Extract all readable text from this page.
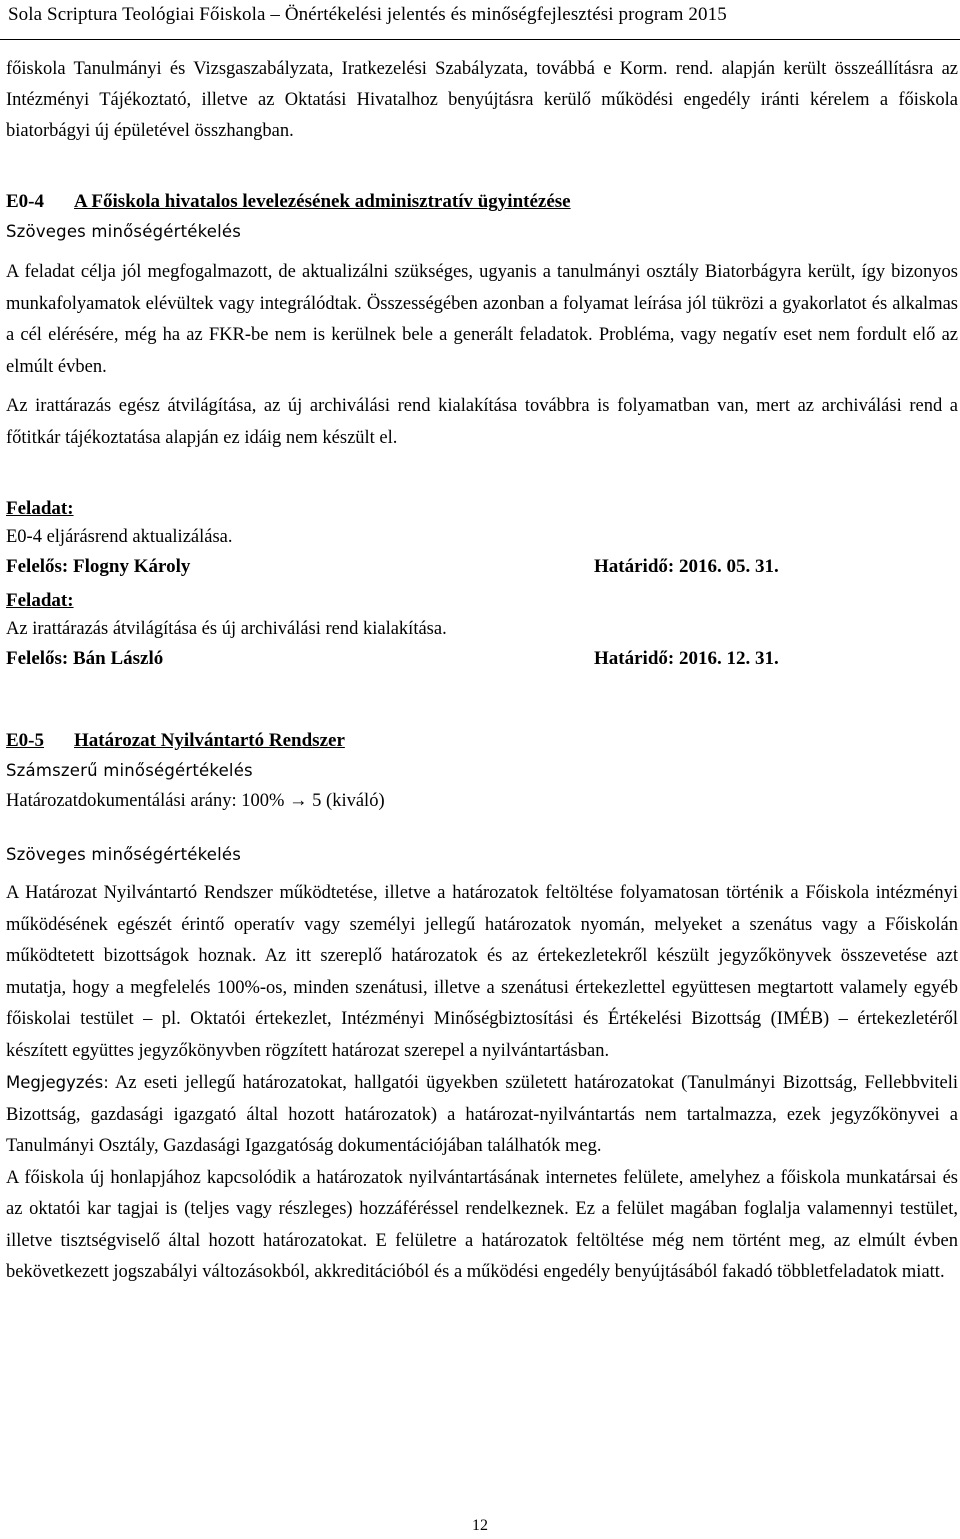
Sola Scriptura Teológiai Főiskola – Önértékelési jelentés és minőségfejlesztési program 2015

főiskola Tanulmányi és Vizsgaszabályzata, Iratkezelési Szabályzata, továbbá e Korm. rend. alapján került összeállításra az Intézményi Tájékoztató, illetve az Oktatási Hivatalhoz benyújtásra kerülő működési engedély iránti kérelem a főiskola biatorbágyi új épületével összhangban.

E0-4 A Főiskola hivatalos levelezésének adminisztratív ügyintézése

Szöveges minőségértékelés

A feladat célja jól megfogalmazott, de aktualizálni szükséges, ugyanis a tanulmányi osztály Biatorbágyra került, így bizonyos munkafolyamatok elévültek vagy integrálódtak. Összességében azonban a folyamat leírása jól tükrözi a gyakorlatot és alkalmas a cél elérésére, még ha az FKR-be nem is kerülnek bele a generált feladatok. Probléma, vagy negatív eset nem fordult elő az elmúlt évben.

Az irattárazás egész átvilágítása, az új archiválási rend kialakítása továbbra is folyamatban van, mert az archiválási rend a főtitkár tájékoztatása alapján ez idáig nem készült el.

Feladat:

E0-4 eljárásrend aktualizálása.

Felelős: Flogny Károly	Határidő: 2016. 05. 31.

Feladat:

Az irattárazás átvilágítása és új archiválási rend kialakítása.

Felelős: Bán László	Határidő: 2016. 12. 31.

E0-5 Határozat Nyilvántartó Rendszer

Számszerű minőségértékelés

Határozatdokumentálási arány: 100% → 5 (kiváló)

Szöveges minőségértékelés

A Határozat Nyilvántartó Rendszer működtetése, illetve a határozatok feltöltése folyamatosan történik a Főiskola intézményi működésének egészét érintő operatív vagy személyi jellegű határozatok nyomán, melyeket a szenátus vagy a Főiskolán működtetett bizottságok hoznak. Az itt szereplő határozatok és az értekezletekről készült jegyzőkönyvek összevetése azt mutatja, hogy a megfelelés 100%-os, minden szenátusi, illetve a szenátusi értekezlettel együttesen megtartott valamely egyéb főiskolai testület – pl. Oktatói értekezlet, Intézményi Minőségbiztosítási és Értékelési Bizottság (IMÉB) – értekezletéről készített együttes jegyzőkönyvben rögzített határozat szerepel a nyilvántartásban.

Megjegyzés: Az eseti jellegű határozatokat, hallgatói ügyekben született határozatokat (Tanulmányi Bizottság, Fellebbviteli Bizottság, gazdasági igazgató által hozott határozatok) a határozat-nyilvántartás nem tartalmazza, ezek jegyzőkönyvei a Tanulmányi Osztály, Gazdasági Igazgatóság dokumentációjában találhatók meg.

A főiskola új honlapjához kapcsolódik a határozatok nyilvántartásának internetes felülete, amelyhez a főiskola munkatársai és az oktatói kar tagjai is (teljes vagy részleges) hozzáféréssel rendelkeznek. Ez a felület magában foglalja valamennyi testület, illetve tisztségviselő által hozott határozatokat. E felületre a határozatok feltöltése még nem történt meg, az elmúlt évben bekövetkezett jogszabályi változásokból, akkreditációból és a működési engedély benyújtásából fakadó többletfeladatok miatt.

12
